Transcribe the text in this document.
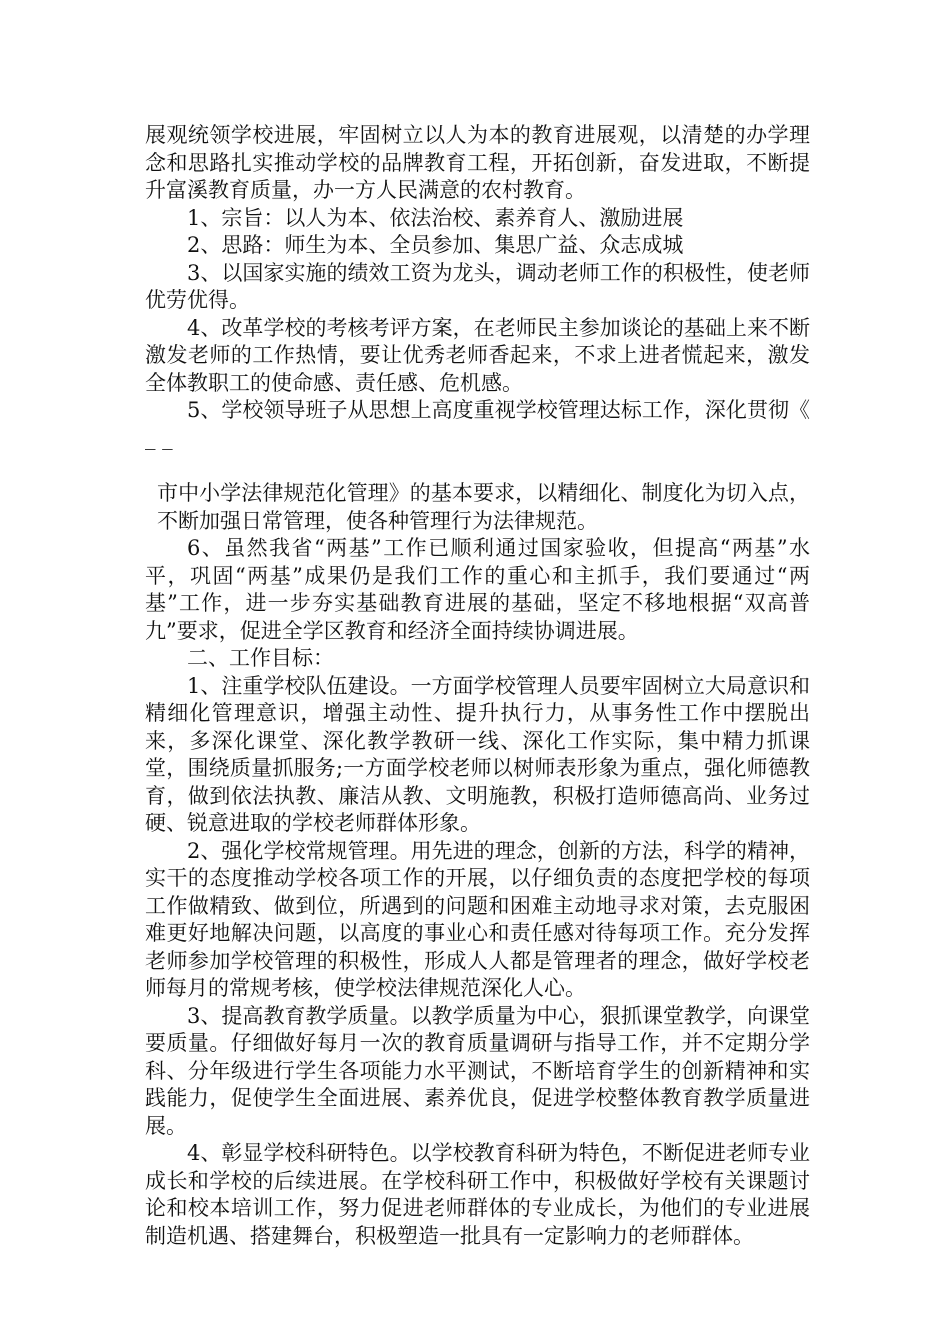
展观统领学校进展，牢固树立以人为本的教育进展观，以清楚的办学理念和思路扎实推动学校的品牌教育工程，开拓创新，奋发进取，不断提升富溪教育质量，办一方人民满意的农村教育。

1、宗旨：以人为本、依法治校、素养育人、激励进展

2、思路：师生为本、全员参加、集思广益、众志成城

3、以国家实施的绩效工资为龙头，调动老师工作的积极性，使老师优劳优得。

4、改革学校的考核考评方案，在老师民主参加谈论的基础上来不断激发老师的工作热情，要让优秀老师香起来，不求上进者慌起来，激发全体教职工的使命感、责任感、危机感。

5、学校领导班子从思想上高度重视学校管理达标工作，深化贯彻《 _ _

市中小学法律规范化管理》的基本要求，以精细化、制度化为切入点，不断加强日常管理，使各种管理行为法律规范。

6、虽然我省“两基”工作已顺利通过国家验收，但提高“两基”水平，巩固“两基”成果仍是我们工作的重心和主抓手，我们要通过“两基”工作，进一步夯实基础教育进展的基础，坚定不移地根据“双高普九”要求，促进全学区教育和经济全面持续协调进展。

二、工作目标：

1、注重学校队伍建设。一方面学校管理人员要牢固树立大局意识和精细化管理意识，增强主动性、提升执行力，从事务性工作中摆脱出来，多深化课堂、深化教学教研一线、深化工作实际，集中精力抓课堂，围绕质量抓服务;一方面学校老师以树师表形象为重点，强化师德教育，做到依法执教、廉洁从教、文明施教，积极打造师德高尚、业务过硬、锐意进取的学校老师群体形象。

2、强化学校常规管理。用先进的理念，创新的方法，科学的精神，实干的态度推动学校各项工作的开展，以仔细负责的态度把学校的每项工作做精致、做到位，所遇到的问题和困难主动地寻求对策，去克服困难更好地解决问题，以高度的事业心和责任感对待每项工作。充分发挥老师参加学校管理的积极性，形成人人都是管理者的理念，做好学校老师每月的常规考核，使学校法律规范深化人心。

3、提高教育教学质量。以教学质量为中心，狠抓课堂教学，向课堂要质量。仔细做好每月一次的教育质量调研与指导工作，并不定期分学科、分年级进行学生各项能力水平测试，不断培育学生的创新精神和实践能力，促使学生全面进展、素养优良，促进学校整体教育教学质量进展。

4、彰显学校科研特色。以学校教育科研为特色，不断促进老师专业成长和学校的后续进展。在学校科研工作中，积极做好学校有关课题讨论和校本培训工作，努力促进老师群体的专业成长，为他们的专业进展制造机遇、搭建舞台，积极塑造一批具有一定影响力的老师群体。
